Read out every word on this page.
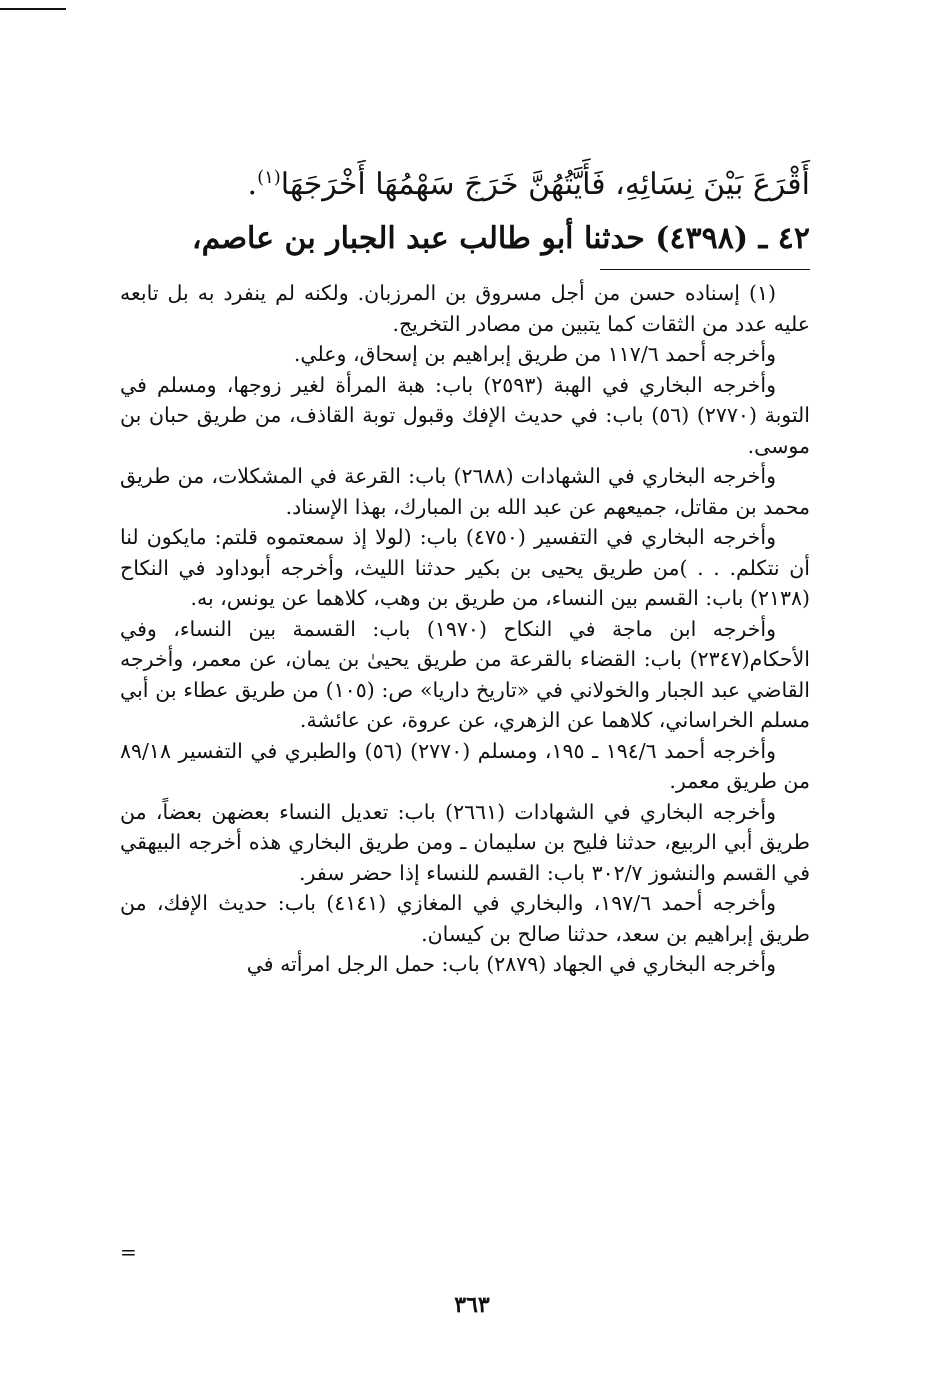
أَقْرَعَ بَيْنَ نِسَائِهِ، فَأَيَّتُهُنَّ خَرَجَ سَهْمُهَا أَخْرَجَهَا$^{(١)}$.
٤٢ ـ (٤٣٩٨) حدثنا أبو طالب عبد الجبار بن عاصم،

(١) إسناده حسن من أجل مسروق بن المرزبان. ولكنه لم ينفرد به بل تابعه عليه عدد من الثقات كما يتبين من مصادر التخريج.

وأخرجه أحمد ١١٧/٦ من طريق إبراهيم بن إسحاق، وعلي.

وأخرجه البخاري في الهبة (٢٥٩٣) باب: هبة المرأة لغير زوجها، ومسلم في التوبة (٢٧٧٠) (٥٦) باب: في حديث الإفك وقبول توبة القاذف، من طريق حبان بن موسى.

وأخرجه البخاري في الشهادات (٢٦٨٨) باب: القرعة في المشكلات، من طريق محمد بن مقاتل، جميعهم عن عبد الله بن المبارك، بهذا الإسناد.

وأخرجه البخاري في التفسير (٤٧٥٠) باب: (لولا إذ سمعتموه قلتم: مايكون لنا أن نتكلم. . . )من طريق يحيى بن بكير حدثنا الليث، وأخرجه أبوداود في النكاح (٢١٣٨) باب: القسم بين النساء، من طريق بن وهب، كلاهما عن يونس، به.

وأخرجه ابن ماجة في النكاح (١٩٧٠) باب: القسمة بين النساء، وفي الأحكام(٢٣٤٧) باب: القضاء بالقرعة من طريق يحيىٰ بن يمان، عن معمر، وأخرجه القاضي عبد الجبار والخولاني في «تاريخ داريا» ص: (١٠٥) من طريق عطاء بن أبي مسلم الخراساني، كلاهما عن الزهري، عن عروة، عن عائشة.

وأخرجه أحمد ١٩٤/٦ ـ ١٩٥، ومسلم (٢٧٧٠) (٥٦) والطبري في التفسير ٨٩/١٨ من طريق معمر.

وأخرجه البخاري في الشهادات (٢٦٦١) باب: تعديل النساء بعضهن بعضاً، من طريق أبي الربيع، حدثنا فليح بن سليمان ـ ومن طريق البخاري هذه أخرجه البيهقي في القسم والنشوز ٣٠٢/٧ باب: القسم للنساء إذا حضر سفر.

وأخرجه أحمد ١٩٧/٦، والبخاري في المغازي (٤١٤١) باب: حديث الإفك، من طريق إبراهيم بن سعد، حدثنا صالح بن كيسان.

وأخرجه البخاري في الجهاد (٢٨٧٩) باب: حمل الرجل امرأته في

=
٣٦٣
